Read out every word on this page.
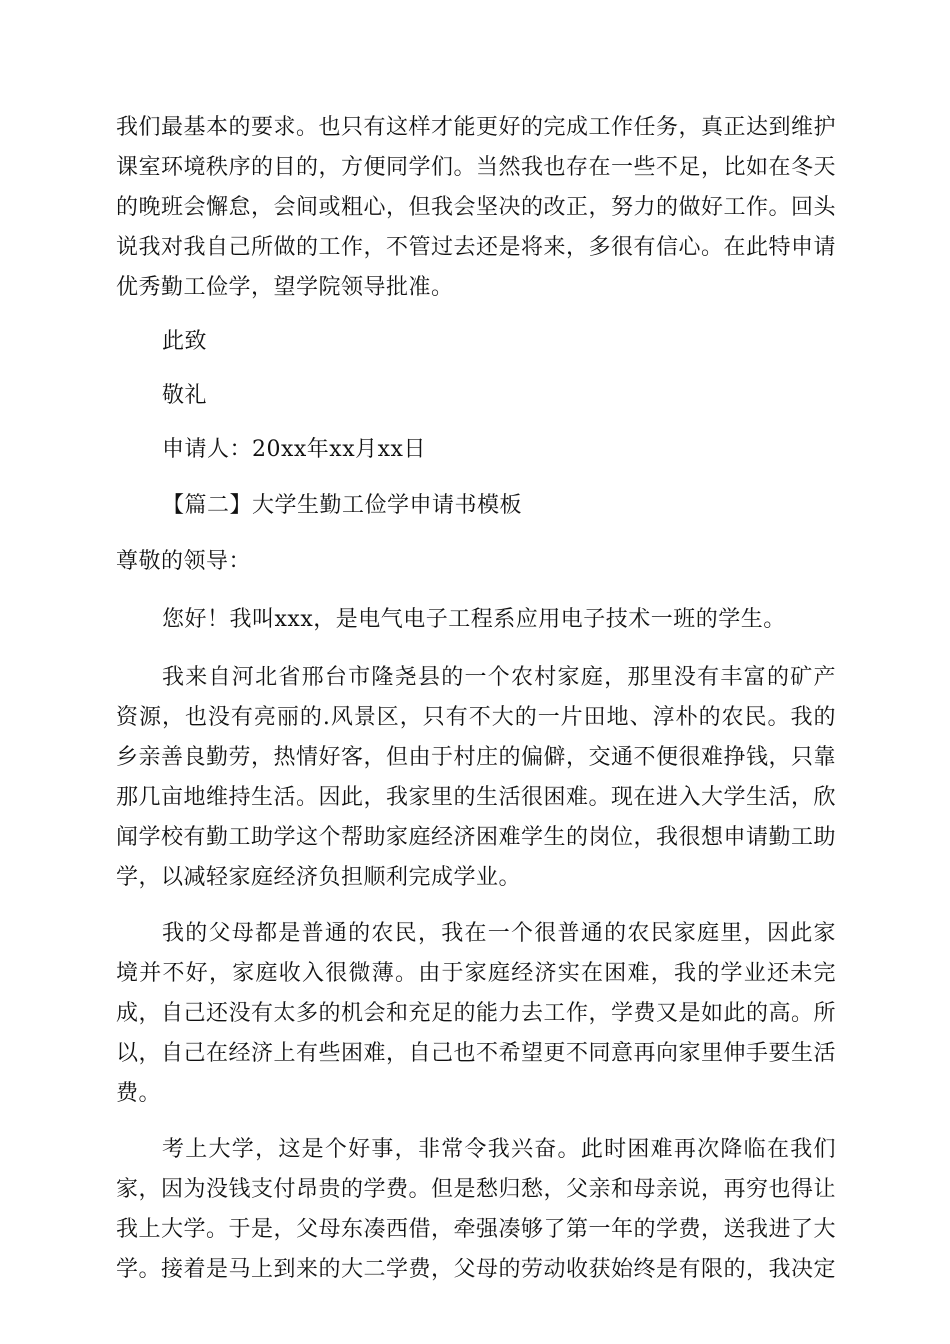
我们最基本的要求。也只有这样才能更好的完成工作任务，真正达到维护课室环境秩序的目的，方便同学们。当然我也存在一些不足，比如在冬天的晚班会懈怠，会间或粗心，但我会坚决的改正，努力的做好工作。回头说我对我自己所做的工作，不管过去还是将来，多很有信心。在此特申请优秀勤工俭学，望学院领导批准。

此致

敬礼

申请人：20xx年xx月xx日

【篇二】大学生勤工俭学申请书模板

尊敬的领导：

您好！我叫xxx，是电气电子工程系应用电子技术一班的学生。

我来自河北省邢台市隆尧县的一个农村家庭，那里没有丰富的矿产资源，也没有亮丽的.风景区，只有不大的一片田地、淳朴的农民。我的乡亲善良勤劳，热情好客，但由于村庄的偏僻，交通不便很难挣钱，只靠那几亩地维持生活。因此，我家里的生活很困难。现在进入大学生活，欣闻学校有勤工助学这个帮助家庭经济困难学生的岗位，我很想申请勤工助学，以减轻家庭经济负担顺利完成学业。

我的父母都是普通的农民，我在一个很普通的农民家庭里，因此家境并不好，家庭收入很微薄。由于家庭经济实在困难，我的学业还未完成，自己还没有太多的机会和充足的能力去工作，学费又是如此的高。所以，自己在经济上有些困难，自己也不希望更不同意再向家里伸手要生活费。

考上大学，这是个好事，非常令我兴奋。此时困难再次降临在我们家，因为没钱支付昂贵的学费。但是愁归愁，父亲和母亲说，再穷也得让我上大学。于是，父母东凑西借，牵强凑够了第一年的学费，送我进了大学。接着是马上到来的大二学费，父母的劳动收获始终是有限的，我决定
